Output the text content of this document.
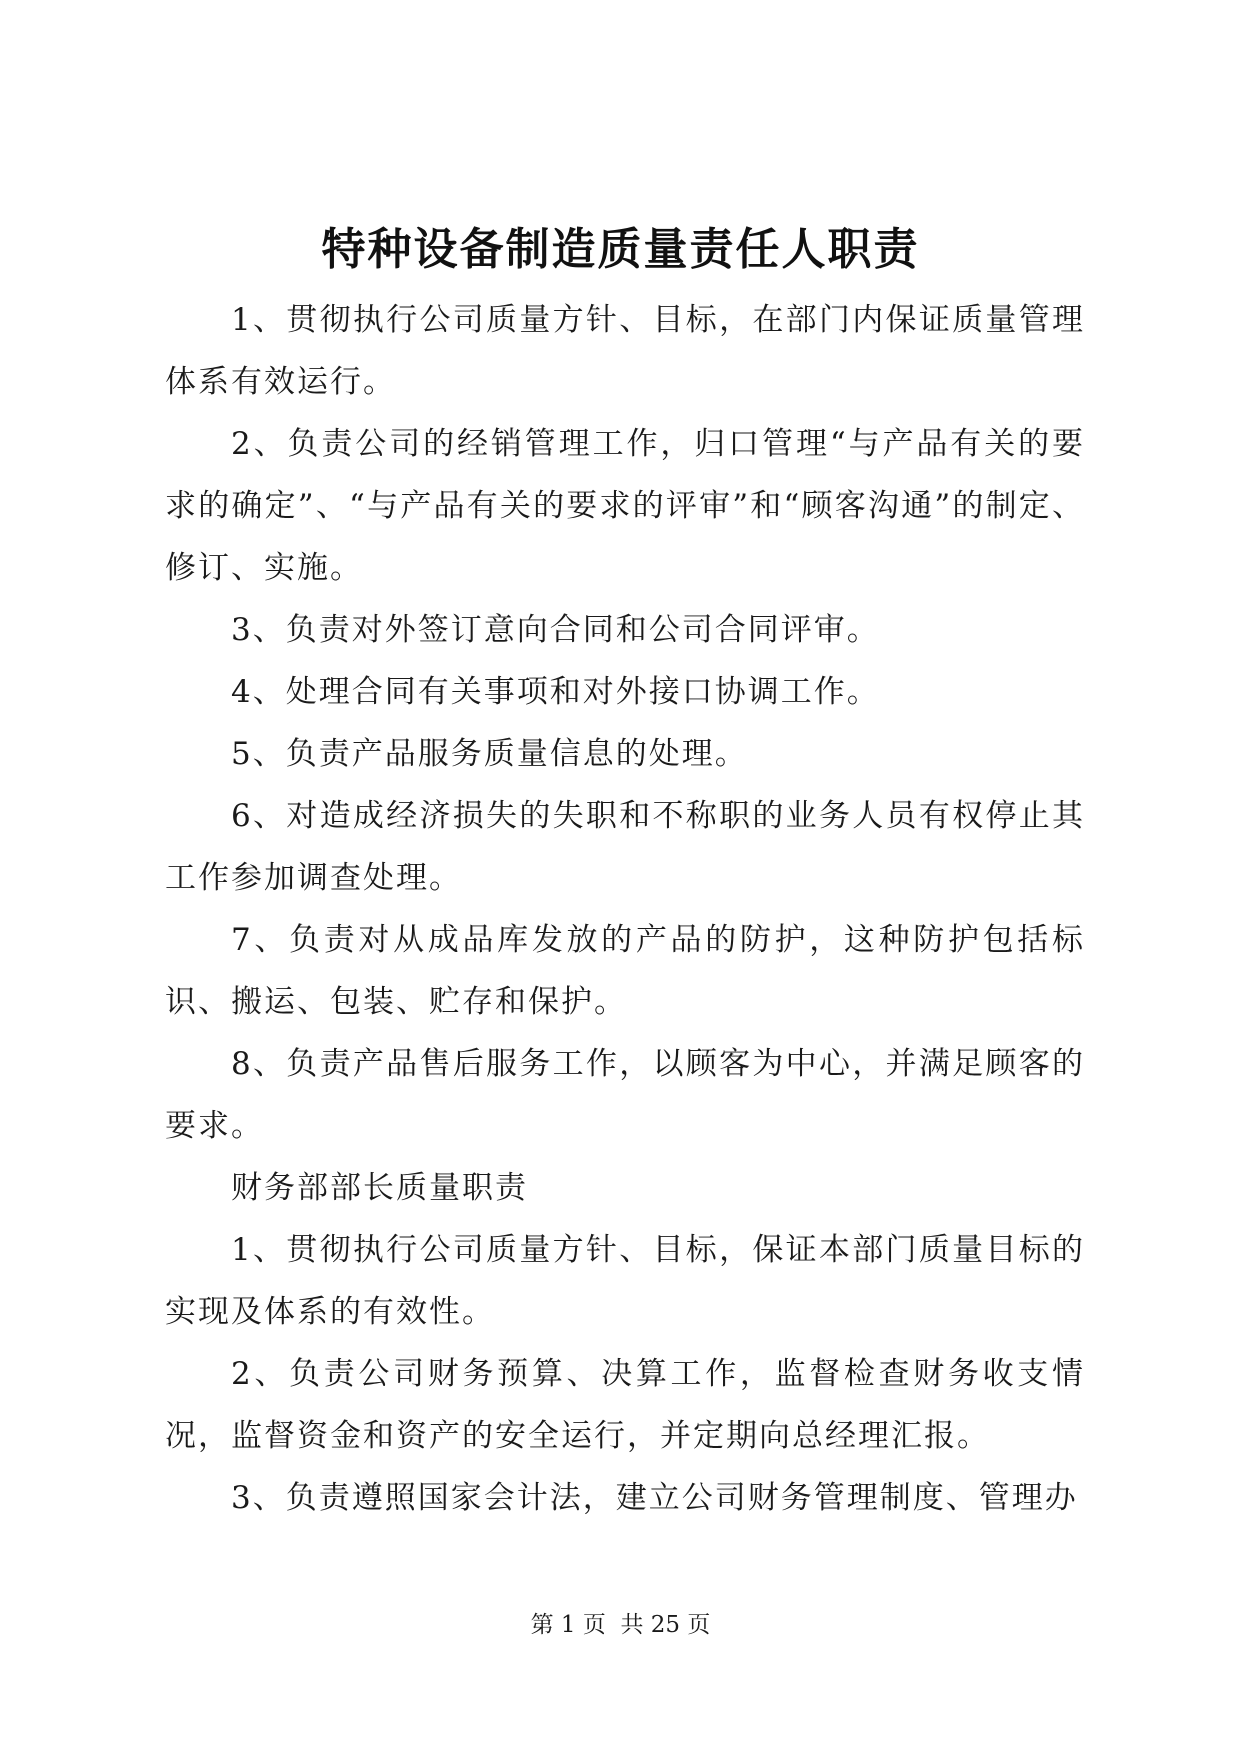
特种设备制造质量责任人职责

1、贯彻执行公司质量方针、目标，在部门内保证质量管理体系有效运行。

2、负责公司的经销管理工作，归口管理“与产品有关的要求的确定”、“与产品有关的要求的评审”和“顾客沟通”的制定、修订、实施。

3、负责对外签订意向合同和公司合同评审。

4、处理合同有关事项和对外接口协调工作。

5、负责产品服务质量信息的处理。

6、对造成经济损失的失职和不称职的业务人员有权停止其工作参加调查处理。

7、负责对从成品库发放的产品的防护，这种防护包括标识、搬运、包装、贮存和保护。

8、负责产品售后服务工作，以顾客为中心，并满足顾客的要求。

财务部部长质量职责

1、贯彻执行公司质量方针、目标，保证本部门质量目标的实现及体系的有效性。

2、负责公司财务预算、决算工作，监督检查财务收支情况，监督资金和资产的安全运行，并定期向总经理汇报。

3、负责遵照国家会计法，建立公司财务管理制度、管理办

第 1 页  共 25 页
